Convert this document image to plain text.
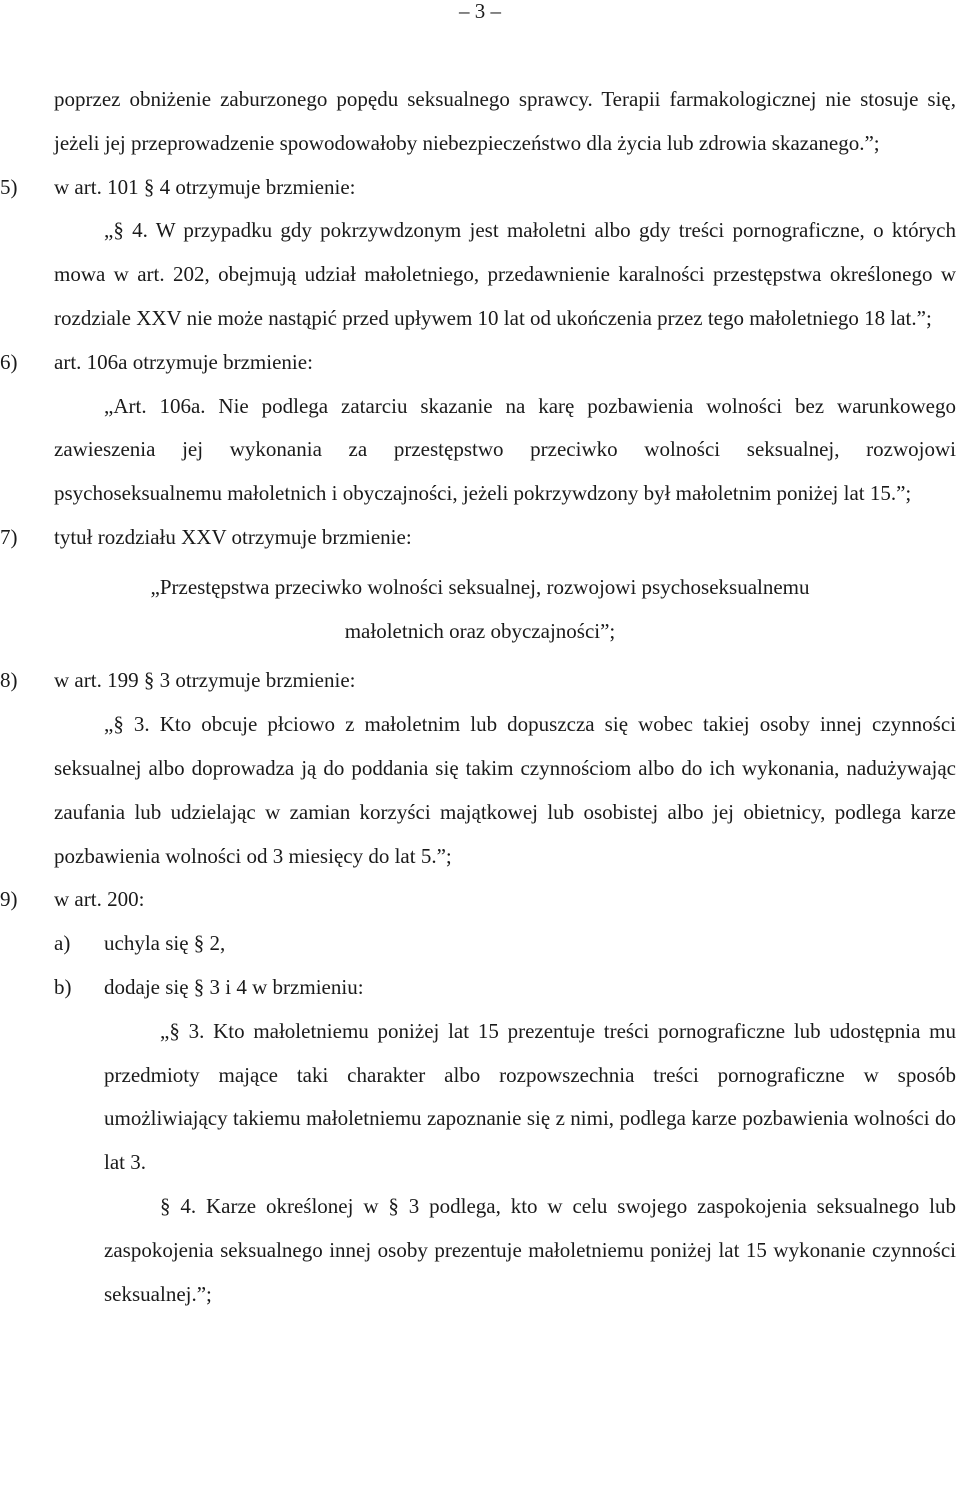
– 3 –

poprzez obniżenie zaburzonego popędu seksualnego sprawcy. Terapii farmakologicznej nie stosuje się, jeżeli jej przeprowadzenie spowodowałoby niebezpieczeństwo dla życia lub zdrowia skazanego.”;

5) w art. 101 § 4 otrzymuje brzmienie:

„§ 4. W przypadku gdy pokrzywdzonym jest małoletni albo gdy treści pornograficzne, o których mowa w art. 202, obejmują udział małoletniego, przedawnienie karalności przestępstwa określonego w rozdziale XXV nie może nastąpić przed upływem 10 lat od ukończenia przez tego małoletniego 18 lat.”;

6) art. 106a otrzymuje brzmienie:

„Art. 106a. Nie podlega zatarciu skazanie na karę pozbawienia wolności bez warunkowego zawieszenia jej wykonania za przestępstwo przeciwko wolności seksualnej, rozwojowi psychoseksualnemu małoletnich i obyczajności, jeżeli pokrzywdzony był małoletnim poniżej lat 15.”;

7) tytuł rozdziału XXV otrzymuje brzmienie:

„Przestępstwa przeciwko wolności seksualnej, rozwojowi psychoseksualnemu

małoletnich oraz obyczajności”;

8) w art. 199 § 3 otrzymuje brzmienie:

„§ 3. Kto obcuje płciowo z małoletnim lub dopuszcza się wobec takiej osoby innej czynności seksualnej albo doprowadza ją do poddania się takim czynnościom albo do ich wykonania, nadużywając zaufania lub udzielając w zamian korzyści majątkowej lub osobistej albo jej obietnicy, podlega karze pozbawienia wolności od 3 miesięcy do lat 5.”;

9) w art. 200:

a) uchyla się § 2,

b) dodaje się § 3 i 4 w brzmieniu:

„§ 3. Kto małoletniemu poniżej lat 15 prezentuje treści pornograficzne lub udostępnia mu przedmioty mające taki charakter albo rozpowszechnia treści pornograficzne w sposób umożliwiający takiemu małoletniemu zapoznanie się z nimi, podlega karze pozbawienia wolności do lat 3.

§ 4. Karze określonej w § 3 podlega, kto w celu swojego zaspokojenia seksualnego lub zaspokojenia seksualnego innej osoby prezentuje małoletniemu poniżej lat 15 wykonanie czynności seksualnej.”;
